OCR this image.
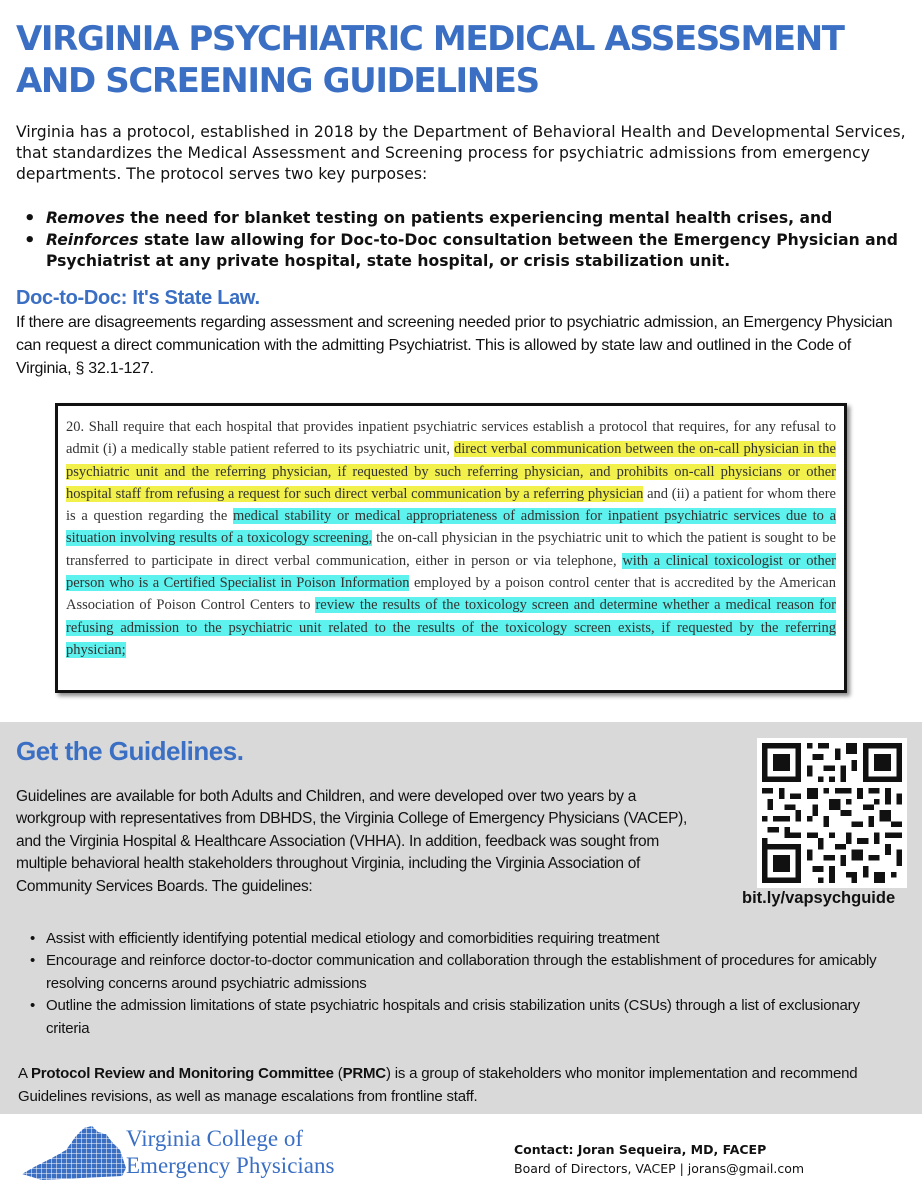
VIRGINIA PSYCHIATRIC MEDICAL ASSESSMENT AND SCREENING GUIDELINES

Virginia has a protocol, established in 2018 by the Department of Behavioral Health and Developmental Services, that standardizes the Medical Assessment and Screening process for psychiatric admissions from emergency departments. The protocol serves two key purposes:

• Removes the need for blanket testing on patients experiencing mental health crises, and
• Reinforces state law allowing for Doc-to-Doc consultation between the Emergency Physician and Psychiatrist at any private hospital, state hospital, or crisis stabilization unit.
Doc-to-Doc: It's State Law.

If there are disagreements regarding assessment and screening needed prior to psychiatric admission, an Emergency Physician can request a direct communication with the admitting Psychiatrist. This is allowed by state law and outlined in the Code of Virginia, § 32.1-127.

20. Shall require that each hospital that provides inpatient psychiatric services establish a protocol that requires, for any refusal to admit (i) a medically stable patient referred to its psychiatric unit, direct verbal communication between the on-call physician in the psychiatric unit and the referring physician, if requested by such referring physician, and prohibits on-call physicians or other hospital staff from refusing a request for such direct verbal communication by a referring physician and (ii) a patient for whom there is a question regarding the medical stability or medical appropriateness of admission for inpatient psychiatric services due to a situation involving results of a toxicology screening, the on-call physician in the psychiatric unit to which the patient is sought to be transferred to participate in direct verbal communication, either in person or via telephone, with a clinical toxicologist or other person who is a Certified Specialist in Poison Information employed by a poison control center that is accredited by the American Association of Poison Control Centers to review the results of the toxicology screen and determine whether a medical reason for refusing admission to the psychiatric unit related to the results of the toxicology screen exists, if requested by the referring physician;
Get the Guidelines.

Guidelines are available for both Adults and Children, and were developed over two years by a workgroup with representatives from DBHDS, the Virginia College of Emergency Physicians (VACEP), and the Virginia Hospital & Healthcare Association (VHHA). In addition, feedback was sought from multiple behavioral health stakeholders throughout Virginia, including the Virginia Association of Community Services Boards. The guidelines:

bit.ly/vapsychguide
• Assist with efficiently identifying potential medical etiology and comorbidities requiring treatment
• Encourage and reinforce doctor-to-doctor communication and collaboration through the establishment of procedures for amicably resolving concerns around psychiatric admissions
• Outline the admission limitations of state psychiatric hospitals and crisis stabilization units (CSUs) through a list of exclusionary criteria

A Protocol Review and Monitoring Committee (PRMC) is a group of stakeholders who monitor implementation and recommend Guidelines revisions, as well as manage escalations from frontline staff.

Virginia College of
Emergency Physicians
Contact: Joran Sequeira, MD, FACEP
Board of Directors, VACEP | jorans@gmail.com
